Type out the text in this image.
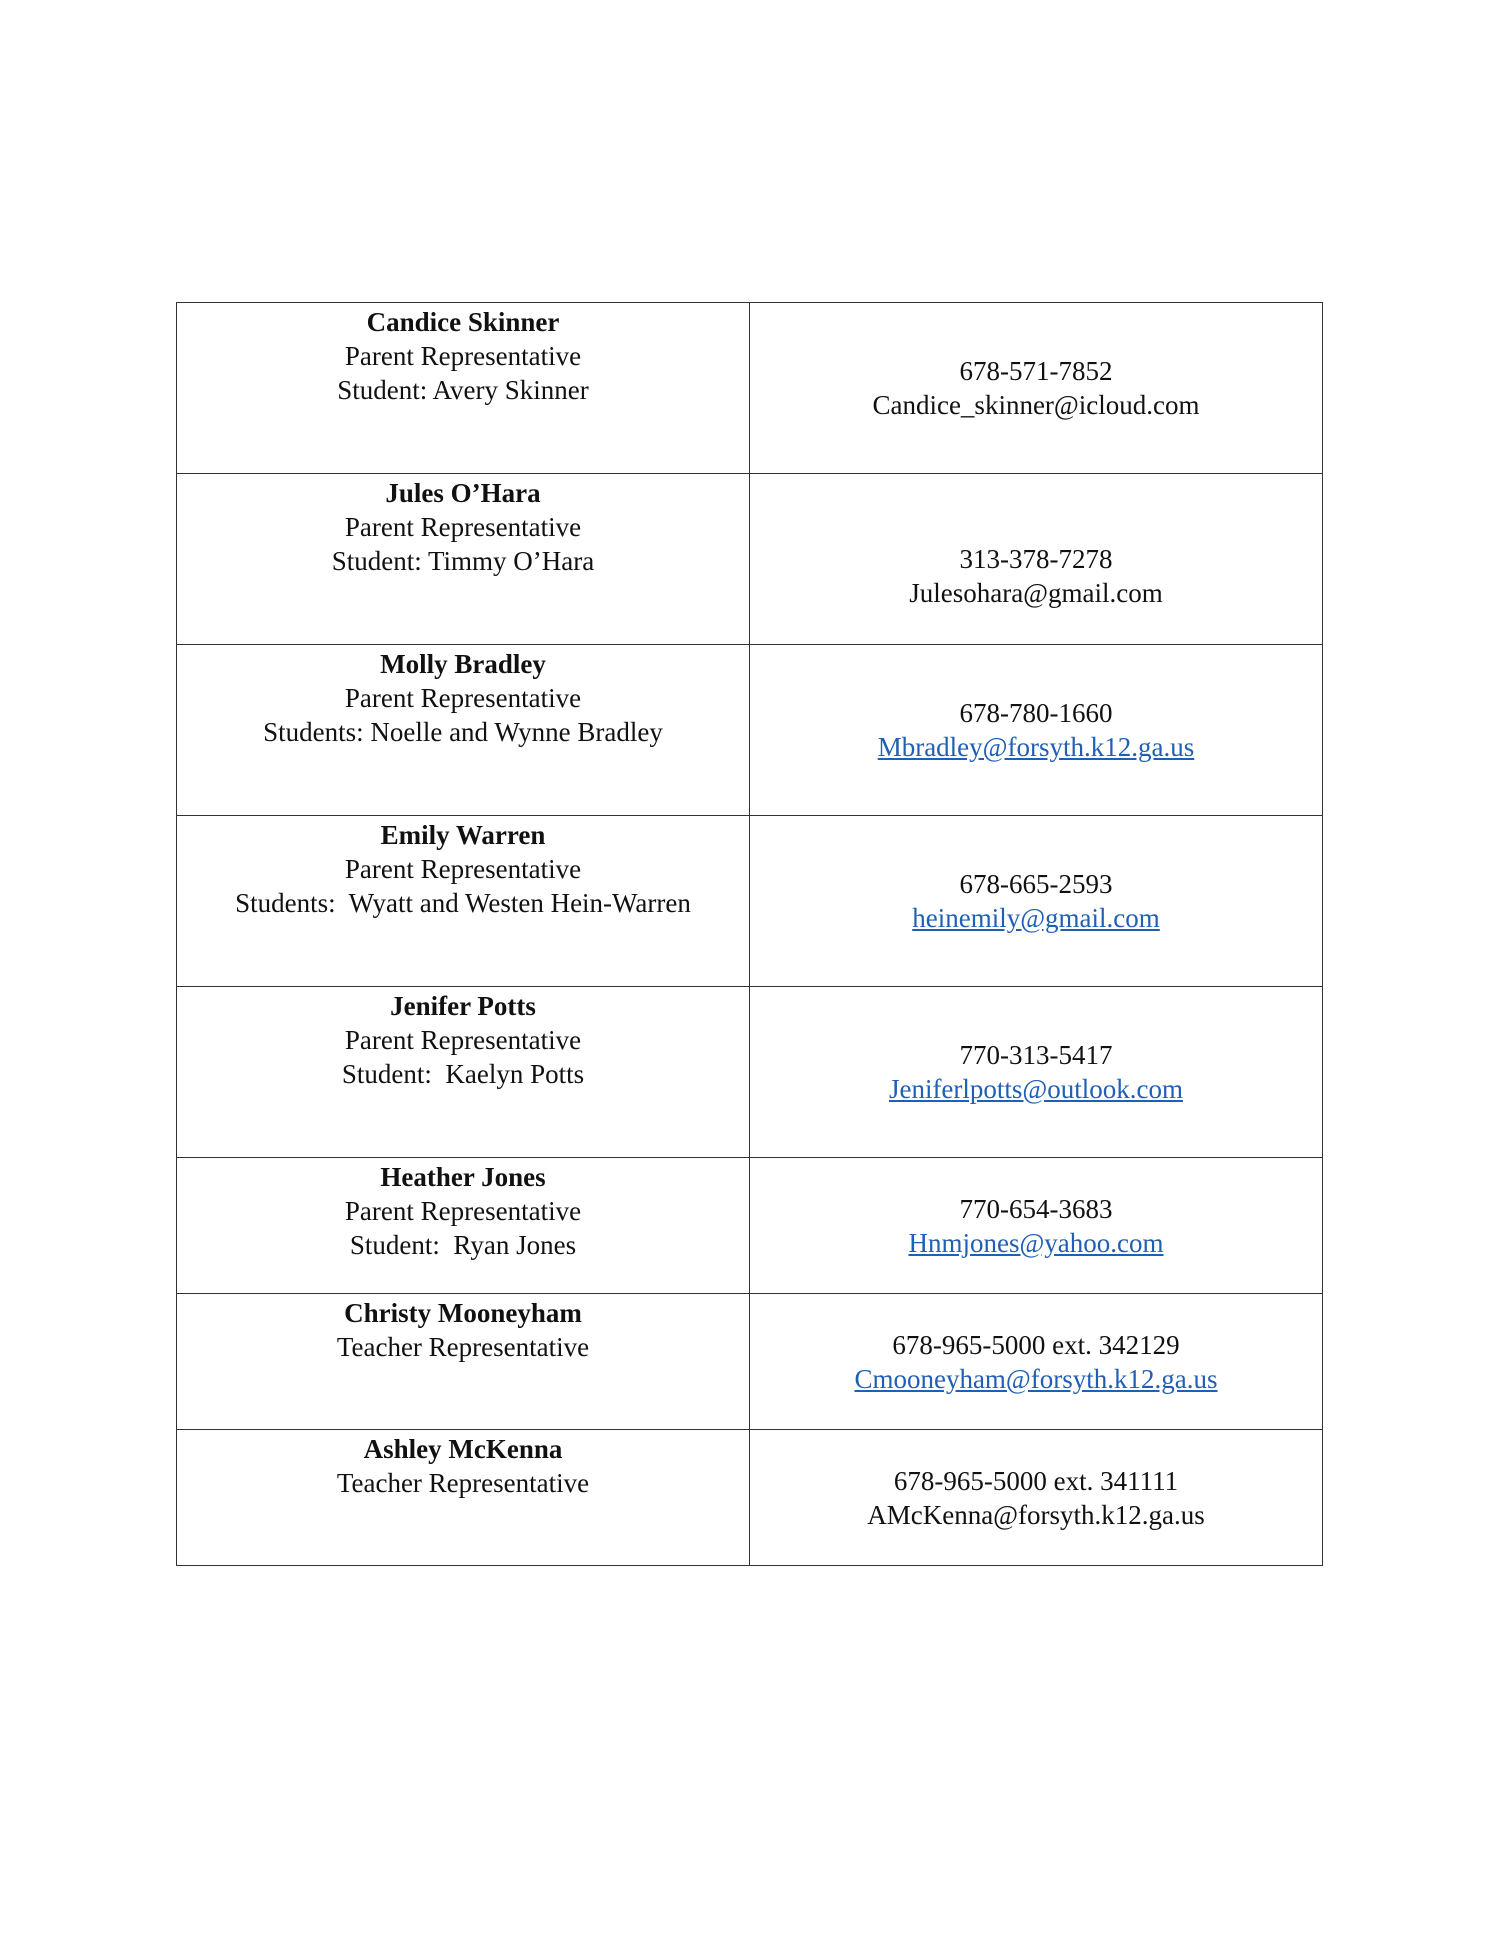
Candice Skinner
Parent Representative
Student: Avery Skinner	678-571-7852
Candice_skinner@icloud.com

Jules O’Hara
Parent Representative
Student: Timmy O’Hara	313-378-7278
Julesohara@gmail.com

Molly Bradley
Parent Representative
Students: Noelle and Wynne Bradley	678-780-1660
Mbradley@forsyth.k12.ga.us

Emily Warren
Parent Representative
Students:  Wyatt and Westen Hein-Warren	678-665-2593
heinemily@gmail.com

Jenifer Potts
Parent Representative
Student:  Kaelyn Potts	770-313-5417
Jeniferlpotts@outlook.com

Heather Jones
Parent Representative
Student:  Ryan Jones	770-654-3683
Hnmjones@yahoo.com

Christy Mooneyham
Teacher Representative	678-965-5000 ext. 342129
Cmooneyham@forsyth.k12.ga.us

Ashley McKenna
Teacher Representative	678-965-5000 ext. 341111
AMcKenna@forsyth.k12.ga.us
